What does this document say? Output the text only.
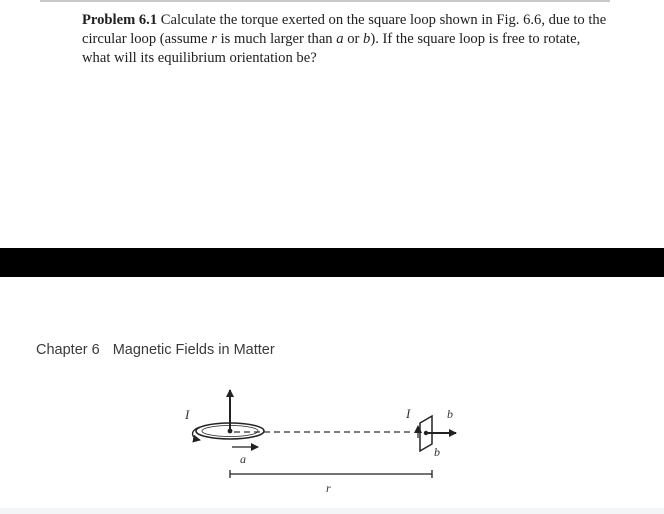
Problem 6.1 Calculate the torque exerted on the square loop shown in Fig. 6.6, due to the circular loop (assume r is much larger than a or b). If the square loop is free to rotate, what will its equilibrium orientation be?

Chapter 6 Magnetic Fields in Matter
I
a
r
I	b
b
